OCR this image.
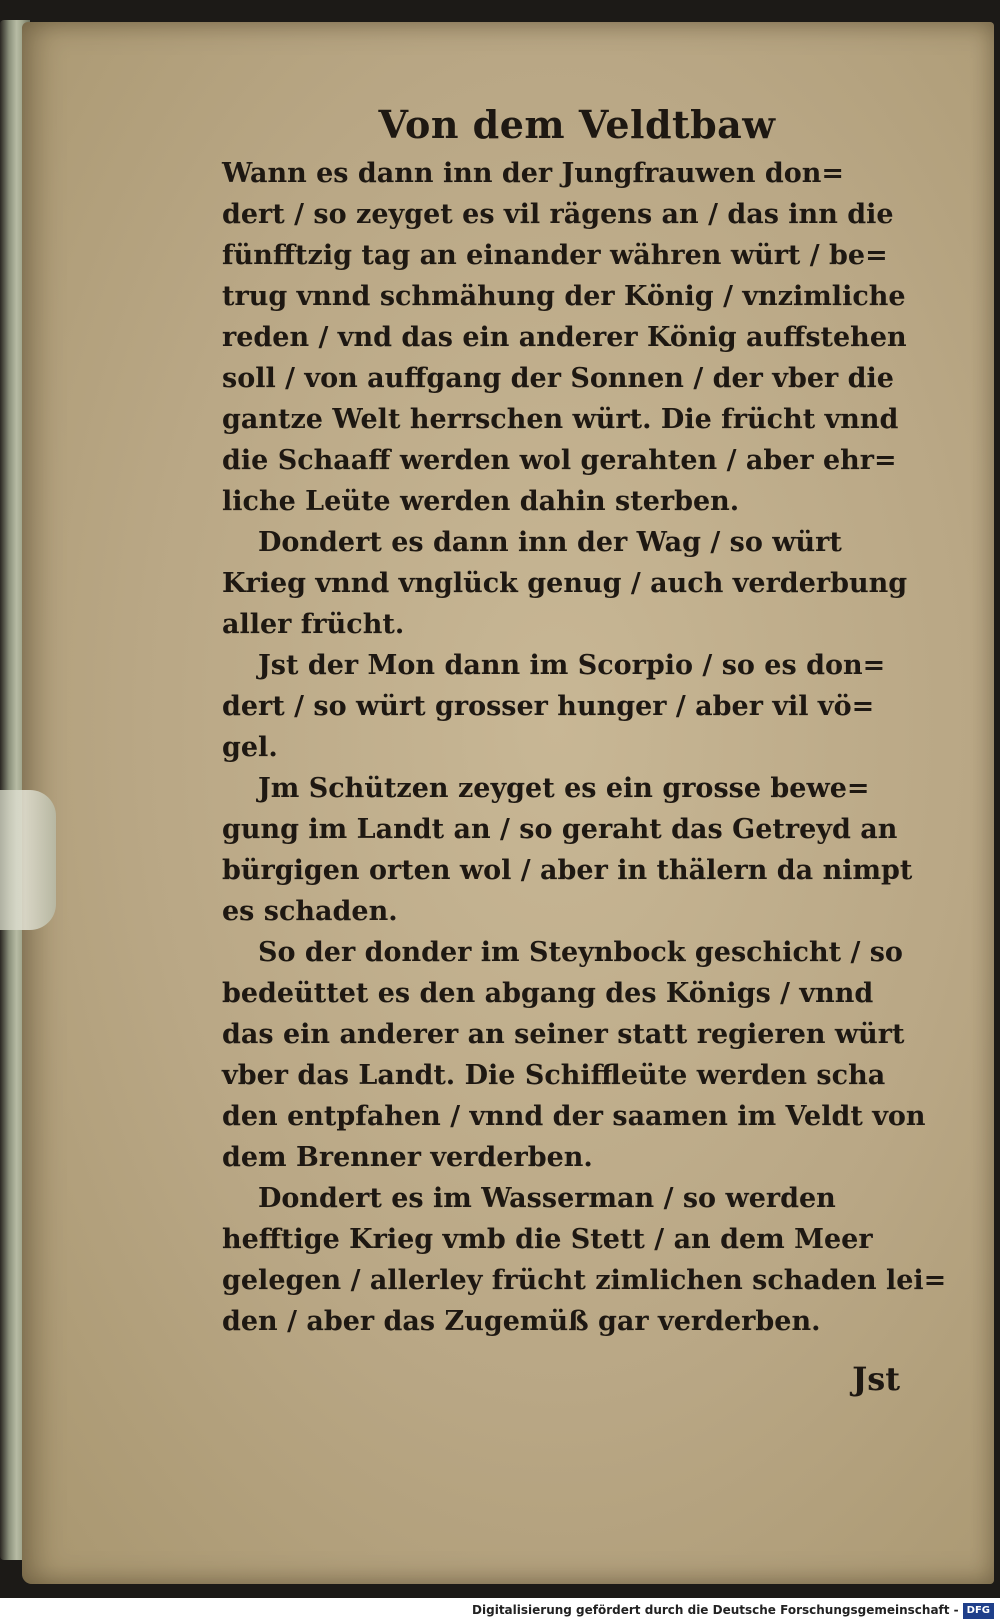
Von dem Veldtbaw
Wann es dann inn der Jungfrauwen don=
dert / so zeyget es vil rägens an / das inn die
fünfftzig tag an einander währen würt / be=
trug vnnd schmähung der König / vnzimliche
reden / vnd das ein anderer König auffstehen
soll / von auffgang der Sonnen / der vber die
gantze Welt herrschen würt. Die frücht vnnd
die Schaaff werden wol gerahten / aber ehr=
liche Leüte werden dahin sterben.
Dondert es dann inn der Wag / so würt
Krieg vnnd vnglück genug / auch verderbung
aller frücht.
Jst der Mon dann im Scorpio / so es don=
dert / so würt grosser hunger / aber vil vö=
gel.
Jm Schützen zeyget es ein grosse bewe=
gung im Landt an / so geraht das Getreyd an
bürgigen orten wol / aber in thälern da nimpt
es schaden.
So der donder im Steynbock geschicht / so
bedeüttet es den abgang des Königs / vnnd
das ein anderer an seiner statt regieren würt
vber das Landt. Die Schiffleüte werden scha
den entpfahen / vnnd der saamen im Veldt von
dem Brenner verderben.
Dondert es im Wasserman / so werden
hefftige Krieg vmb die Stett / an dem Meer
gelegen / allerley frücht zimlichen schaden lei=
den / aber das Zugemüß gar verderben.
Jst
Digitalisierung gefördert durch die Deutsche Forschungsgemeinschaft - DFG
